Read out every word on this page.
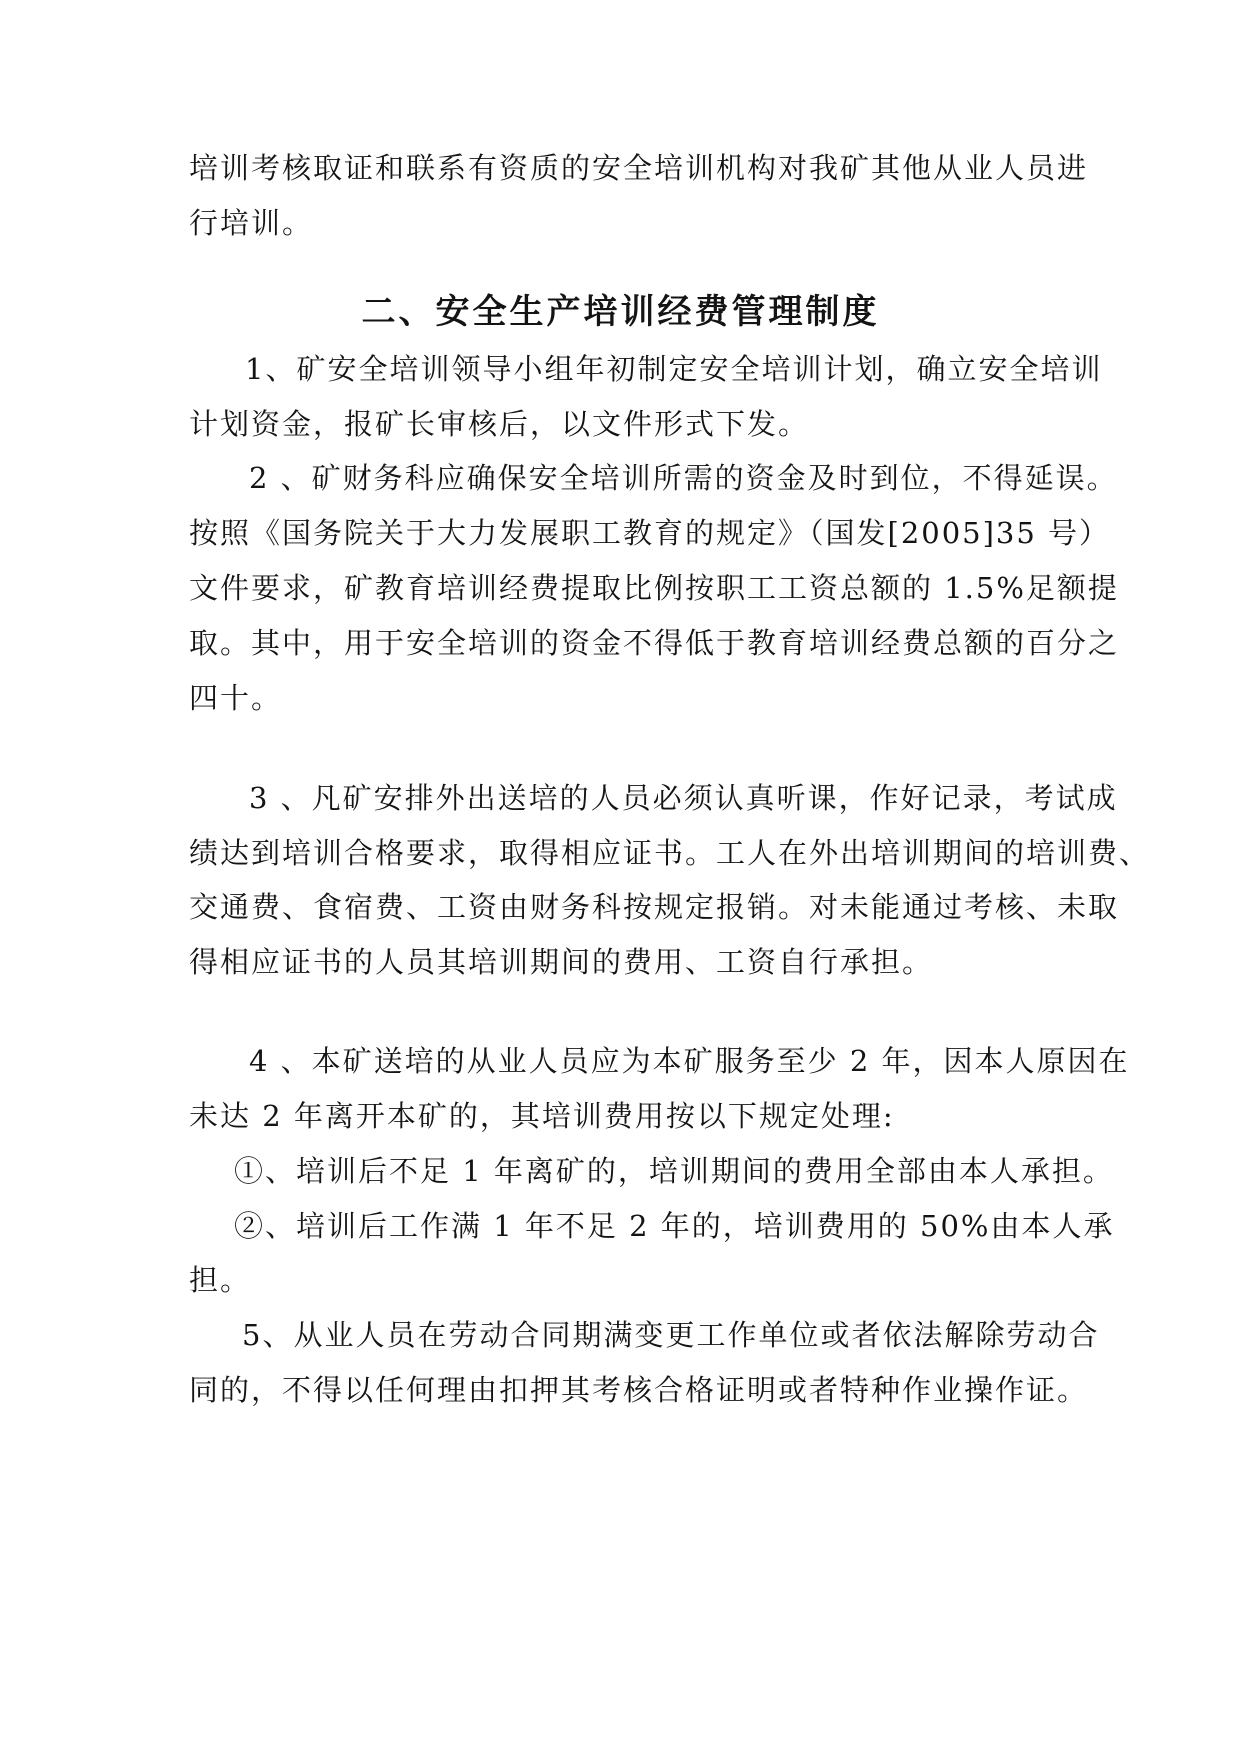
培训考核取证和联系有资质的安全培训机构对我矿其他从业人员进
行培训。
二、安全生产培训经费管理制度
1、矿安全培训领导小组年初制定安全培训计划，确立安全培训
计划资金，报矿长审核后，以文件形式下发。
2 、矿财务科应确保安全培训所需的资金及时到位，不得延误。
按照《国务院关于大力发展职工教育的规定》（国发[2005]35 号）
文件要求，矿教育培训经费提取比例按职工工资总额的 1.5%足额提
取。其中，用于安全培训的资金不得低于教育培训经费总额的百分之
四十。
3 、凡矿安排外出送培的人员必须认真听课，作好记录，考试成
绩达到培训合格要求，取得相应证书。工人在外出培训期间的培训费、
交通费、食宿费、工资由财务科按规定报销。对未能通过考核、未取
得相应证书的人员其培训期间的费用、工资自行承担。
4 、本矿送培的从业人员应为本矿服务至少 2 年，因本人原因在
未达 2 年离开本矿的，其培训费用按以下规定处理:
①、培训后不足 1 年离矿的，培训期间的费用全部由本人承担。
②、培训后工作满 1 年不足 2 年的，培训费用的 50%由本人承
担。
5、从业人员在劳动合同期满变更工作单位或者依法解除劳动合
同的，不得以任何理由扣押其考核合格证明或者特种作业操作证。
